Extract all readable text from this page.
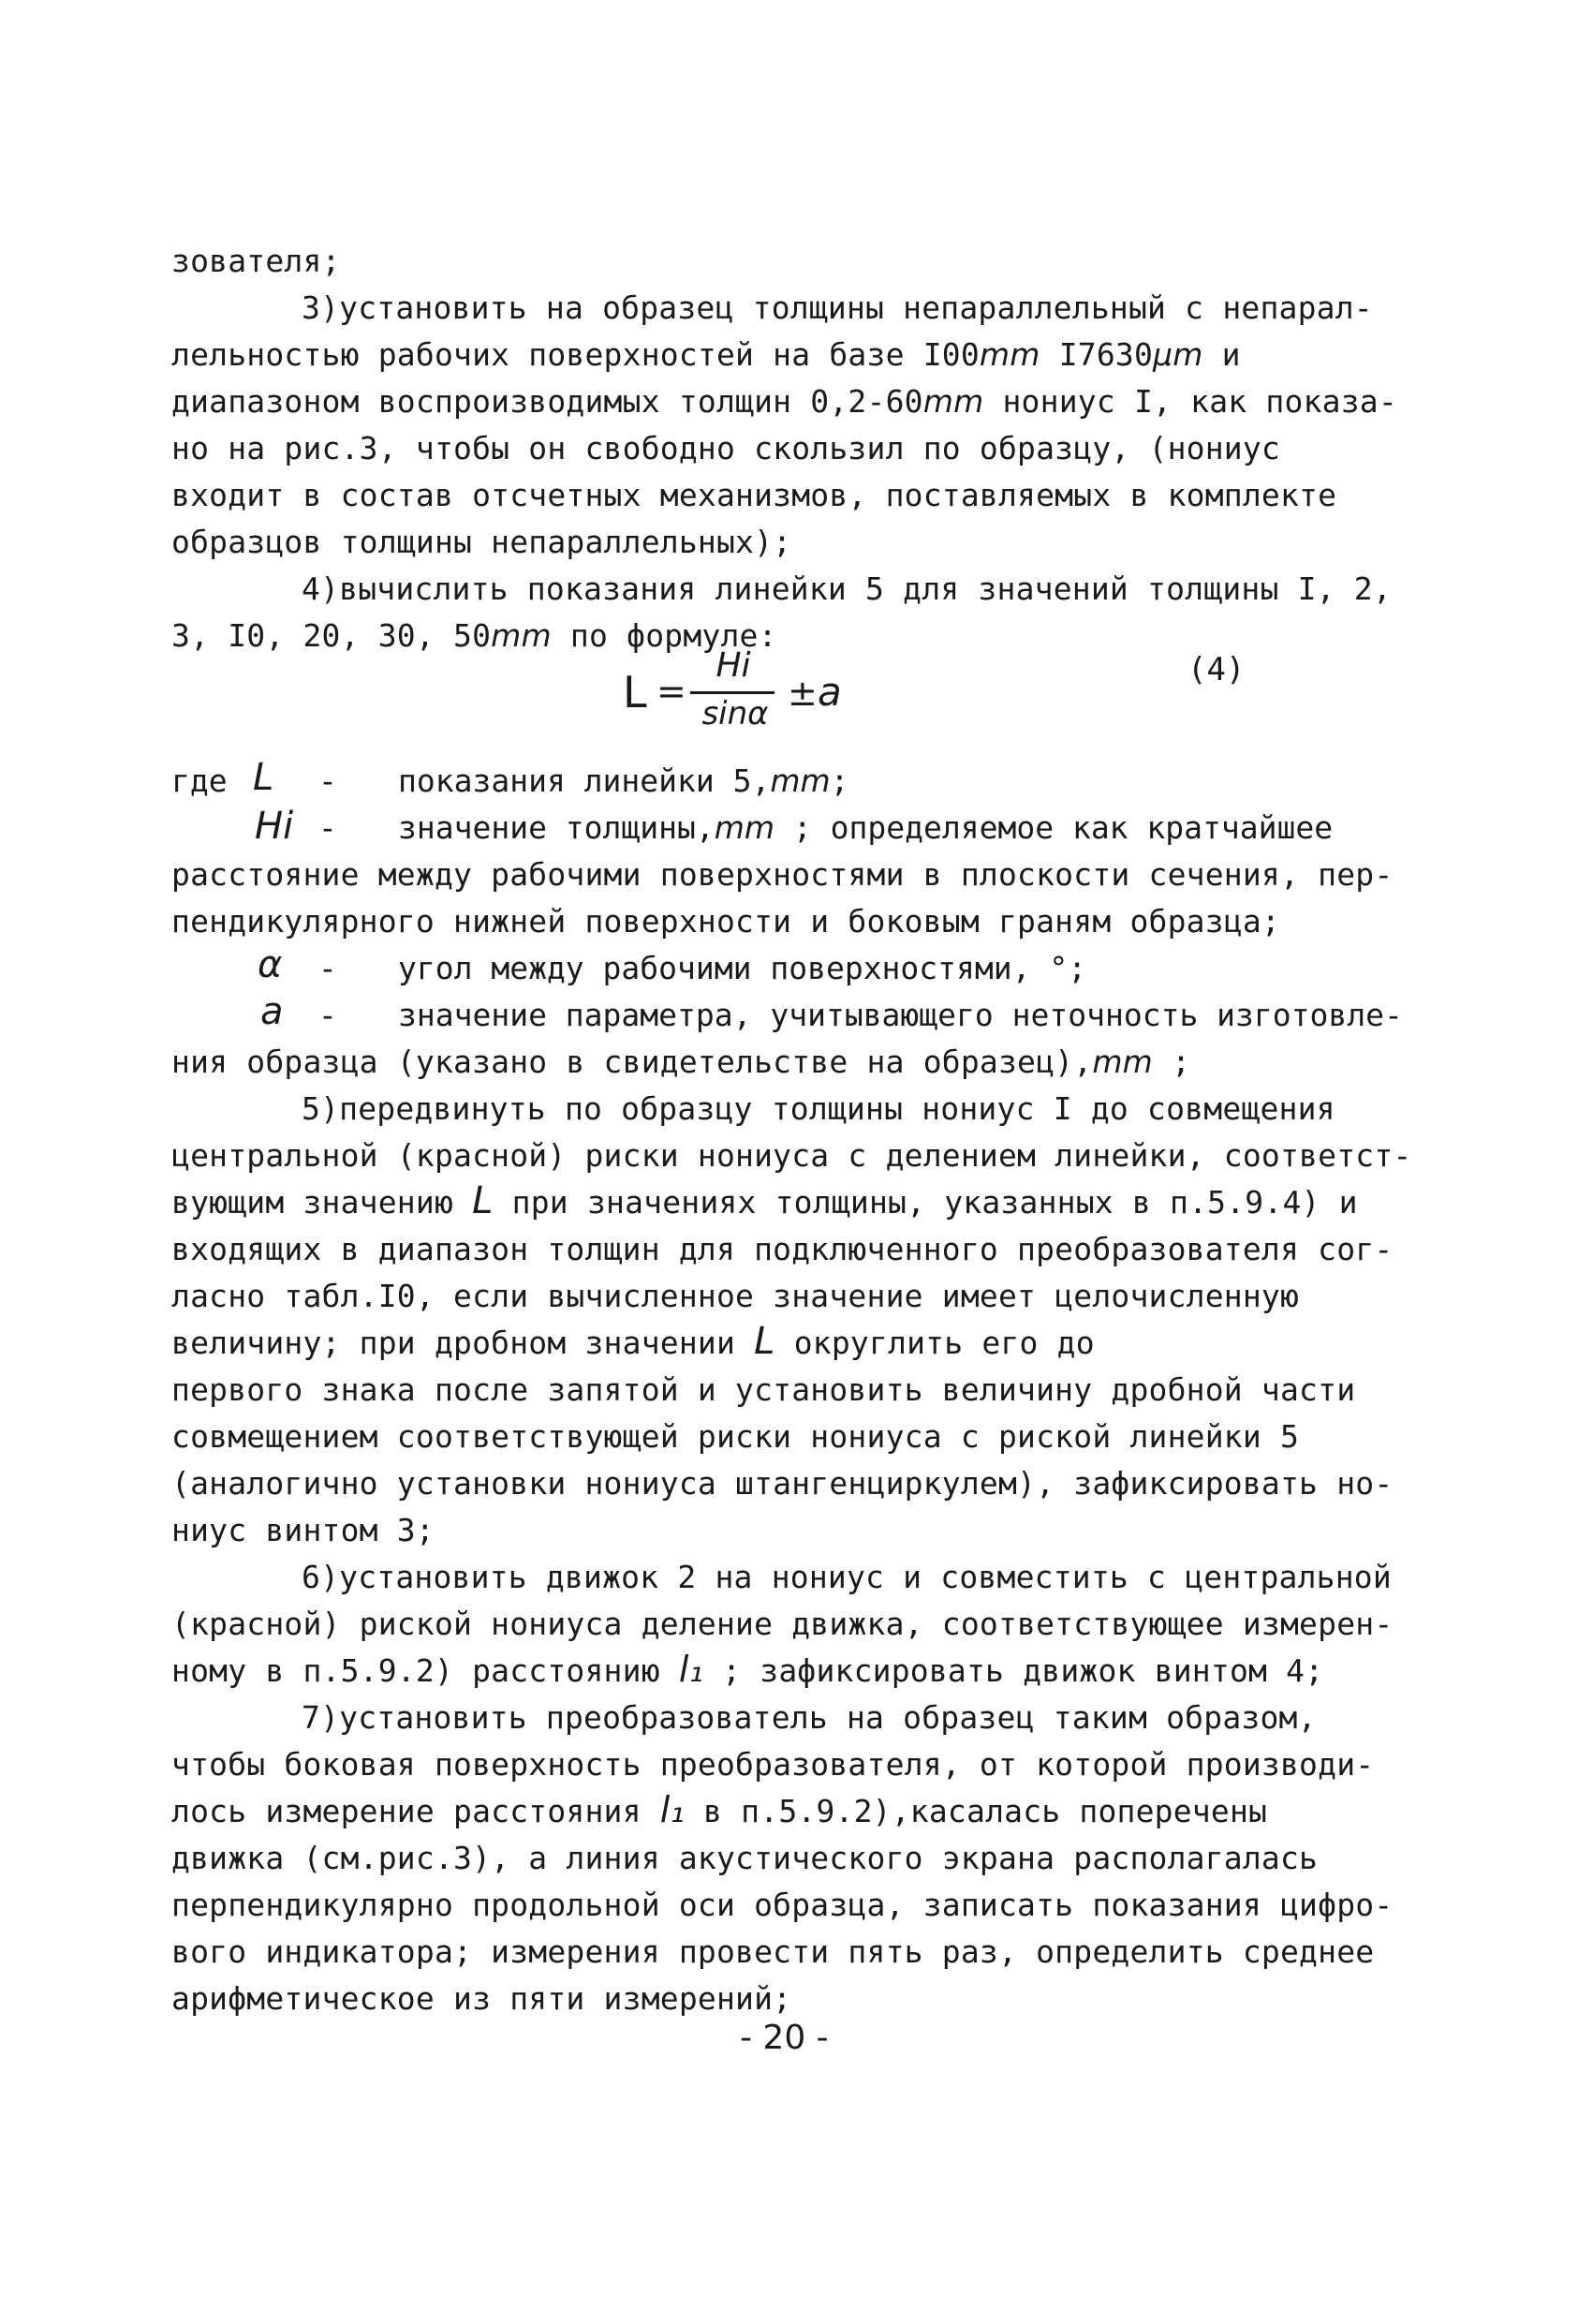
зователя;
3)установить на образец толщины непараллельный с непарал-
лельностью рабочих поверхностей на базе I00mm I7630μm и
диапазоном воспроизводимых толщин 0,2-60mm нониус I, как показа-
но на рис.3, чтобы он свободно скользил по образцу, (нониус
входит в состав отсчетных механизмов, поставляемых в комплекте
образцов толщины непараллельных);
4)вычислить показания линейки 5 для значений толщины I, 2,
3, I0, 20, 30, 50mm по формуле:
L =
Hi
sinα ± a	(4)
где L - показания линейки 5,mm;
Hi - значение толщины,mm ; определяемое как кратчайшее
расстояние между рабочими поверхностями в плоскости сечения, пер-
пендикулярного нижней поверхности и боковым граням образца;
α - угол между рабочими поверхностями, °;
a - значение параметра, учитывающего неточность изготовле-
ния образца (указано в свидетельстве на образец),mm ;
5)передвинуть по образцу толщины нониус I до совмещения
центральной (красной) риски нониуса с делением линейки, соответст-
вующим значению L при значениях толщины, указанных в п.5.9.4) и
входящих в диапазон толщин для подключенного преобразователя сог-
ласно табл.I0, если вычисленное значение имеет целочисленную
величину; при дробном значении L округлить его до
первого знака после запятой и установить величину дробной части
совмещением соответствующей риски нониуса с риской линейки 5
(аналогично установки нониуса штангенциркулем), зафиксировать но-
ниус винтом 3;
6)установить движок 2 на нониус и совместить с центральной
(красной) риской нониуса деление движка, соответствующее измерен-
ному в п.5.9.2) расстоянию l₁ ; зафиксировать движок винтом 4;
7)установить преобразователь на образец таким образом,
чтобы боковая поверхность преобразователя, от которой производи-
лось измерение расстояния l₁ в п.5.9.2),касалась поперечены
движка (см.рис.3), а линия акустического экрана располагалась
перпендикулярно продольной оси образца, записать показания цифро-
вого индикатора; измерения провести пять раз, определить среднее
арифметическое из пяти измерений;
- 20 -
